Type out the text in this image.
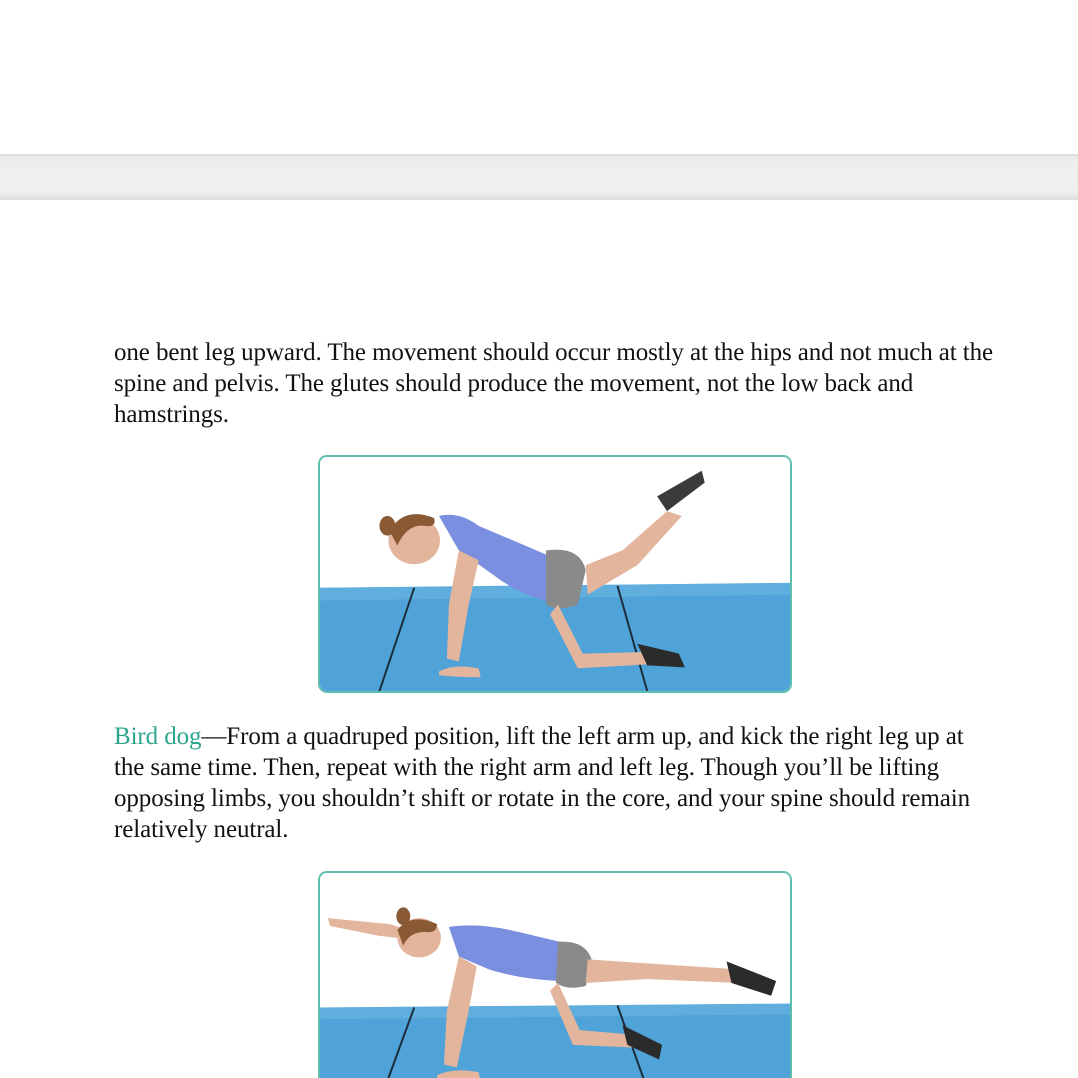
one bent leg upward. The movement should occur mostly at the hips and not much at the spine and pelvis. The glutes should produce the movement, not the low back and hamstrings.

Bird dog—From a quadruped position, lift the left arm up, and kick the right leg up at the same time. Then, repeat with the right arm and left leg. Though you’ll be lifting opposing limbs, you shouldn’t shift or rotate in the core, and your spine should remain relatively neutral.
